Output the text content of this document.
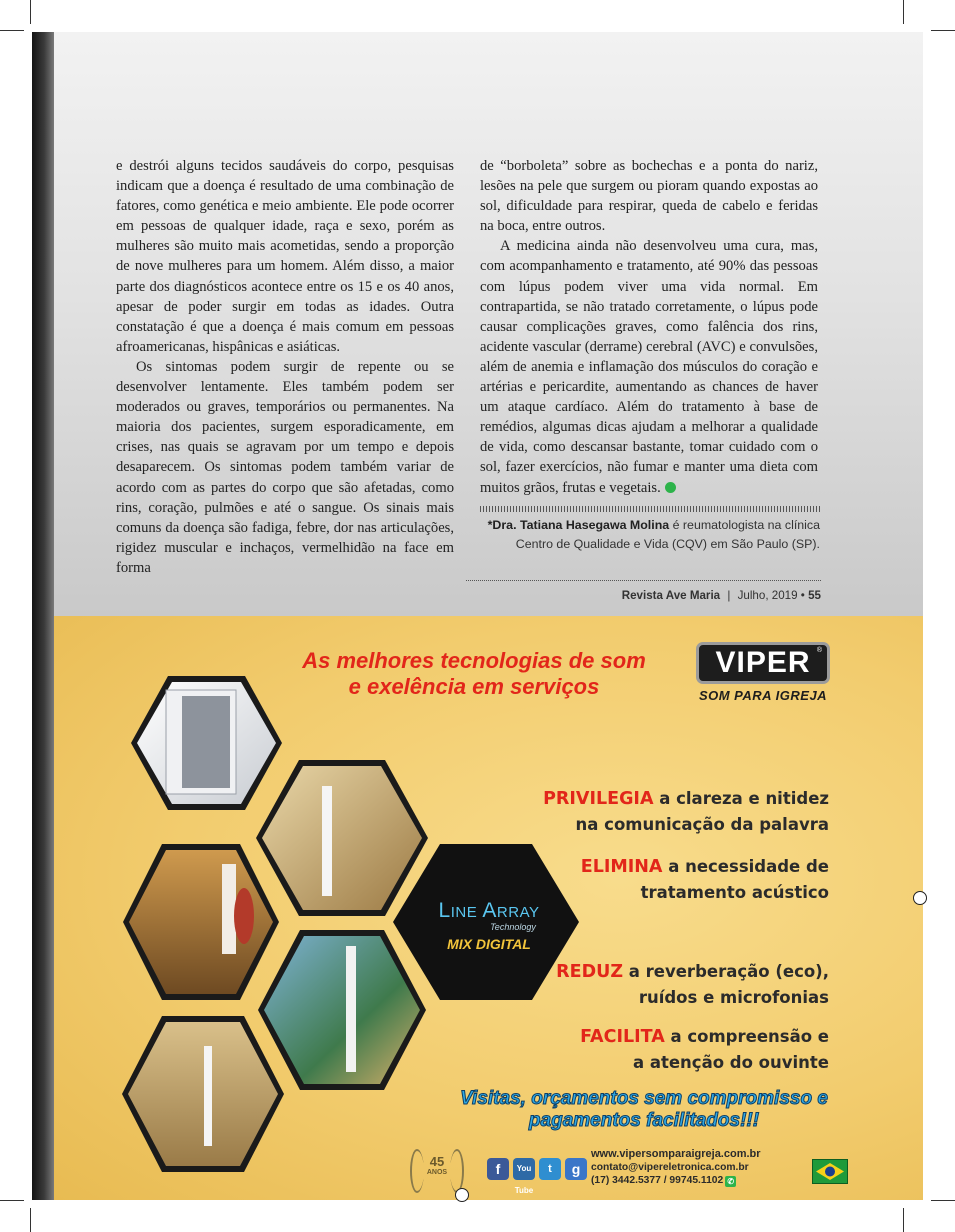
e destrói alguns tecidos saudáveis do corpo, pesquisas indicam que a doença é resultado de uma combinação de fatores, como genética e meio ambiente. Ele pode ocorrer em pessoas de qualquer idade, raça e sexo, porém as mulheres são muito mais acometidas, sendo a proporção de nove mulheres para um homem. Além disso, a maior parte dos diagnósticos acontece entre os 15 e os 40 anos, apesar de poder surgir em todas as idades. Outra constatação é que a doença é mais comum em pessoas afroamericanas, hispânicas e asiáticas.

Os sintomas podem surgir de repente ou se desenvolver lentamente. Eles também podem ser moderados ou graves, temporários ou permanentes. Na maioria dos pacientes, surgem esporadicamente, em crises, nas quais se agravam por um tempo e depois desaparecem. Os sintomas podem também variar de acordo com as partes do corpo que são afetadas, como rins, coração, pulmões e até o sangue. Os sinais mais comuns da doença são fadiga, febre, dor nas articulações, rigidez muscular e inchaços, vermelhidão na face em forma

de “borboleta” sobre as bochechas e a ponta do nariz, lesões na pele que surgem ou pioram quando expostas ao sol, dificuldade para respirar, queda de cabelo e feridas na boca, entre outros.

A medicina ainda não desenvolveu uma cura, mas, com acompanhamento e tratamento, até 90% das pessoas com lúpus podem viver uma vida normal. Em contrapartida, se não tratado corretamente, o lúpus pode causar complicações graves, como falência dos rins, acidente vascular (derrame) cerebral (AVC) e convulsões, além de anemia e inflamação dos músculos do coração e artérias e pericardite, aumentando as chances de haver um ataque cardíaco. Além do tratamento à base de remédios, algumas dicas ajudam a melhorar a qualidade de vida, como descansar bastante, tomar cuidado com o sol, fazer exercícios, não fumar e manter uma dieta com muitos grãos, frutas e vegetais.

*Dra. Tatiana Hasegawa Molina é reumatologista na clínica
Centro de Qualidade e Vida (CQV) em São Paulo (SP).
Revista Ave Maria | Julho, 2019 • 55
As melhores tecnologias de som
e exelência em serviços
VIPER ®
SOM PARA IGREJA
PRIVILEGIA a clareza e nitidez
na comunicação da palavra
ELIMINA a necessidade de
tratamento acústico
REDUZ a reverberação (eco),
ruídos e microfonias
FACILITA a compreensão e
a atenção do ouvinte
Line Array
Technology
MIX DIGITAL
Visitas, orçamentos sem compromisso e
pagamentos facilitados!!!
45
ANOS	f	You Tube
t	g
www.vipersomparaigreja.com.br
contato@vipereletronica.com.br
(17) 3442.5377 / 99745.1102 ✆
